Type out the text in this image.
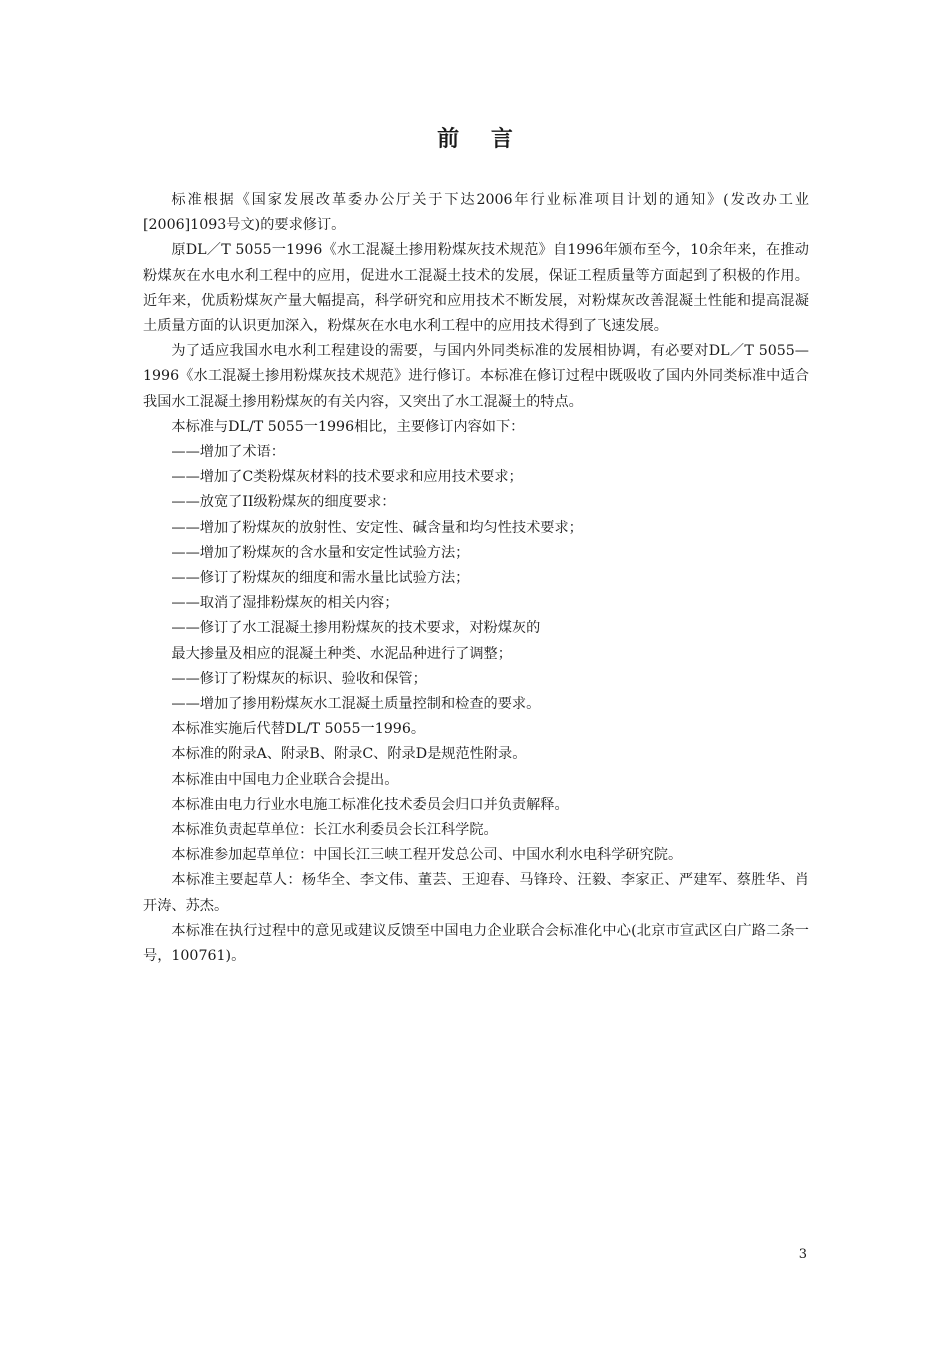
前 言

标准根据《国家发展改革委办公厅关于下达2006年行业标准项目计划的通知》(发改办工业[2006]1093号文)的要求修订。

原DL／T 5055一1996《水工混凝土掺用粉煤灰技术规范》自1996年颁布至今，10余年来，在推动粉煤灰在水电水利工程中的应用，促进水工混凝土技术的发展，保证工程质量等方面起到了积极的作用。近年来，优质粉煤灰产量大幅提高，科学研究和应用技术不断发展，对粉煤灰改善混凝土性能和提高混凝土质量方面的认识更加深入，粉煤灰在水电水利工程中的应用技术得到了飞速发展。

为了适应我国水电水利工程建设的需要，与国内外同类标准的发展相协调，有必要对DL／T 5055—1996《水工混凝土掺用粉煤灰技术规范》进行修订。本标准在修订过程中既吸收了国内外同类标准中适合我国水工混凝土掺用粉煤灰的有关内容，又突出了水工混凝土的特点。

本标准与DL/T 5055一1996相比，主要修订内容如下：

——增加了术语：

——增加了C类粉煤灰材料的技术要求和应用技术要求；

——放宽了II级粉煤灰的细度要求：

——增加了粉煤灰的放射性、安定性、碱含量和均匀性技术要求；

——增加了粉煤灰的含水量和安定性试验方法；

——修订了粉煤灰的细度和需水量比试验方法；

——取消了湿排粉煤灰的相关内容；

——修订了水工混凝土掺用粉煤灰的技术要求，对粉煤灰的

最大掺量及相应的混凝土种类、水泥品种进行了调整；

——修订了粉煤灰的标识、验收和保管；

——增加了掺用粉煤灰水工混凝土质量控制和检查的要求。

本标准实施后代替DL/T 5055一1996。

本标准的附录A、附录B、附录C、附录D是规范性附录。

本标准由中国电力企业联合会提出。

本标准由电力行业水电施工标准化技术委员会归口并负责解释。

本标准负责起草单位：长江水利委员会长江科学院。

本标准参加起草单位：中国长江三峡工程开发总公司、中国水利水电科学研究院。

本标准主要起草人：杨华全、李文伟、董芸、王迎春、马锋玲、汪毅、李家正、严建军、蔡胜华、肖开涛、苏杰。

本标准在执行过程中的意见或建议反馈至中国电力企业联合会标准化中心(北京市宣武区白广路二条一号，100761)。

3
